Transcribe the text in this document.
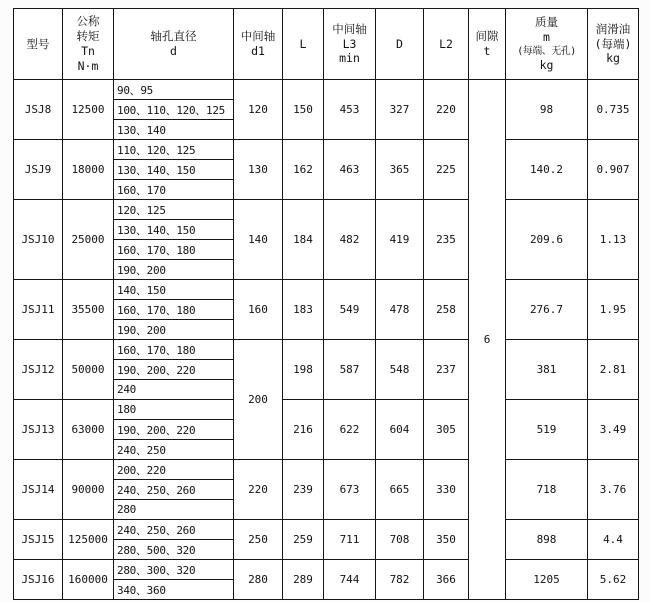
型号	公称
转矩
Tn
N·m	轴孔直径
d	中间轴
d1	L	中间轴
L3
min	D	L2	间隙
t	质量
m
(每端、无孔)
kg	润滑油
(每端)
kg

JSJ8	12500	90、95	120	150	453	327	220	6	98	0.735
		100、110、120、125								
		130、140								
JSJ9	18000	110、120、125	130	162	463	365	225		140.2	0.907
		130、140、150								
		160、170								
JSJ10	25000	120、125	140	184	482	419	235		209.6	1.13
		130、140、150								
		160、170、180								
		190、200								
JSJ11	35500	140、150	160	183	549	478	258		276.7	1.95
		160、170、180								
		190、200								
JSJ12	50000	160、170、180	200	198	587	548	237		381	2.81
		190、200、220								
		240								
JSJ13	63000	180		216	622	604	305		519	3.49
		190、200、220								
		240、250								
JSJ14	90000	200、220	220	239	673	665	330		718	3.76
		240、250、260								
		280								
JSJ15	125000	240、250、260	250	259	711	708	350		898	4.4
		280、500、320								
JSJ16	160000	280、300、320	280	289	744	782	366		1205	5.62
		340、360								
